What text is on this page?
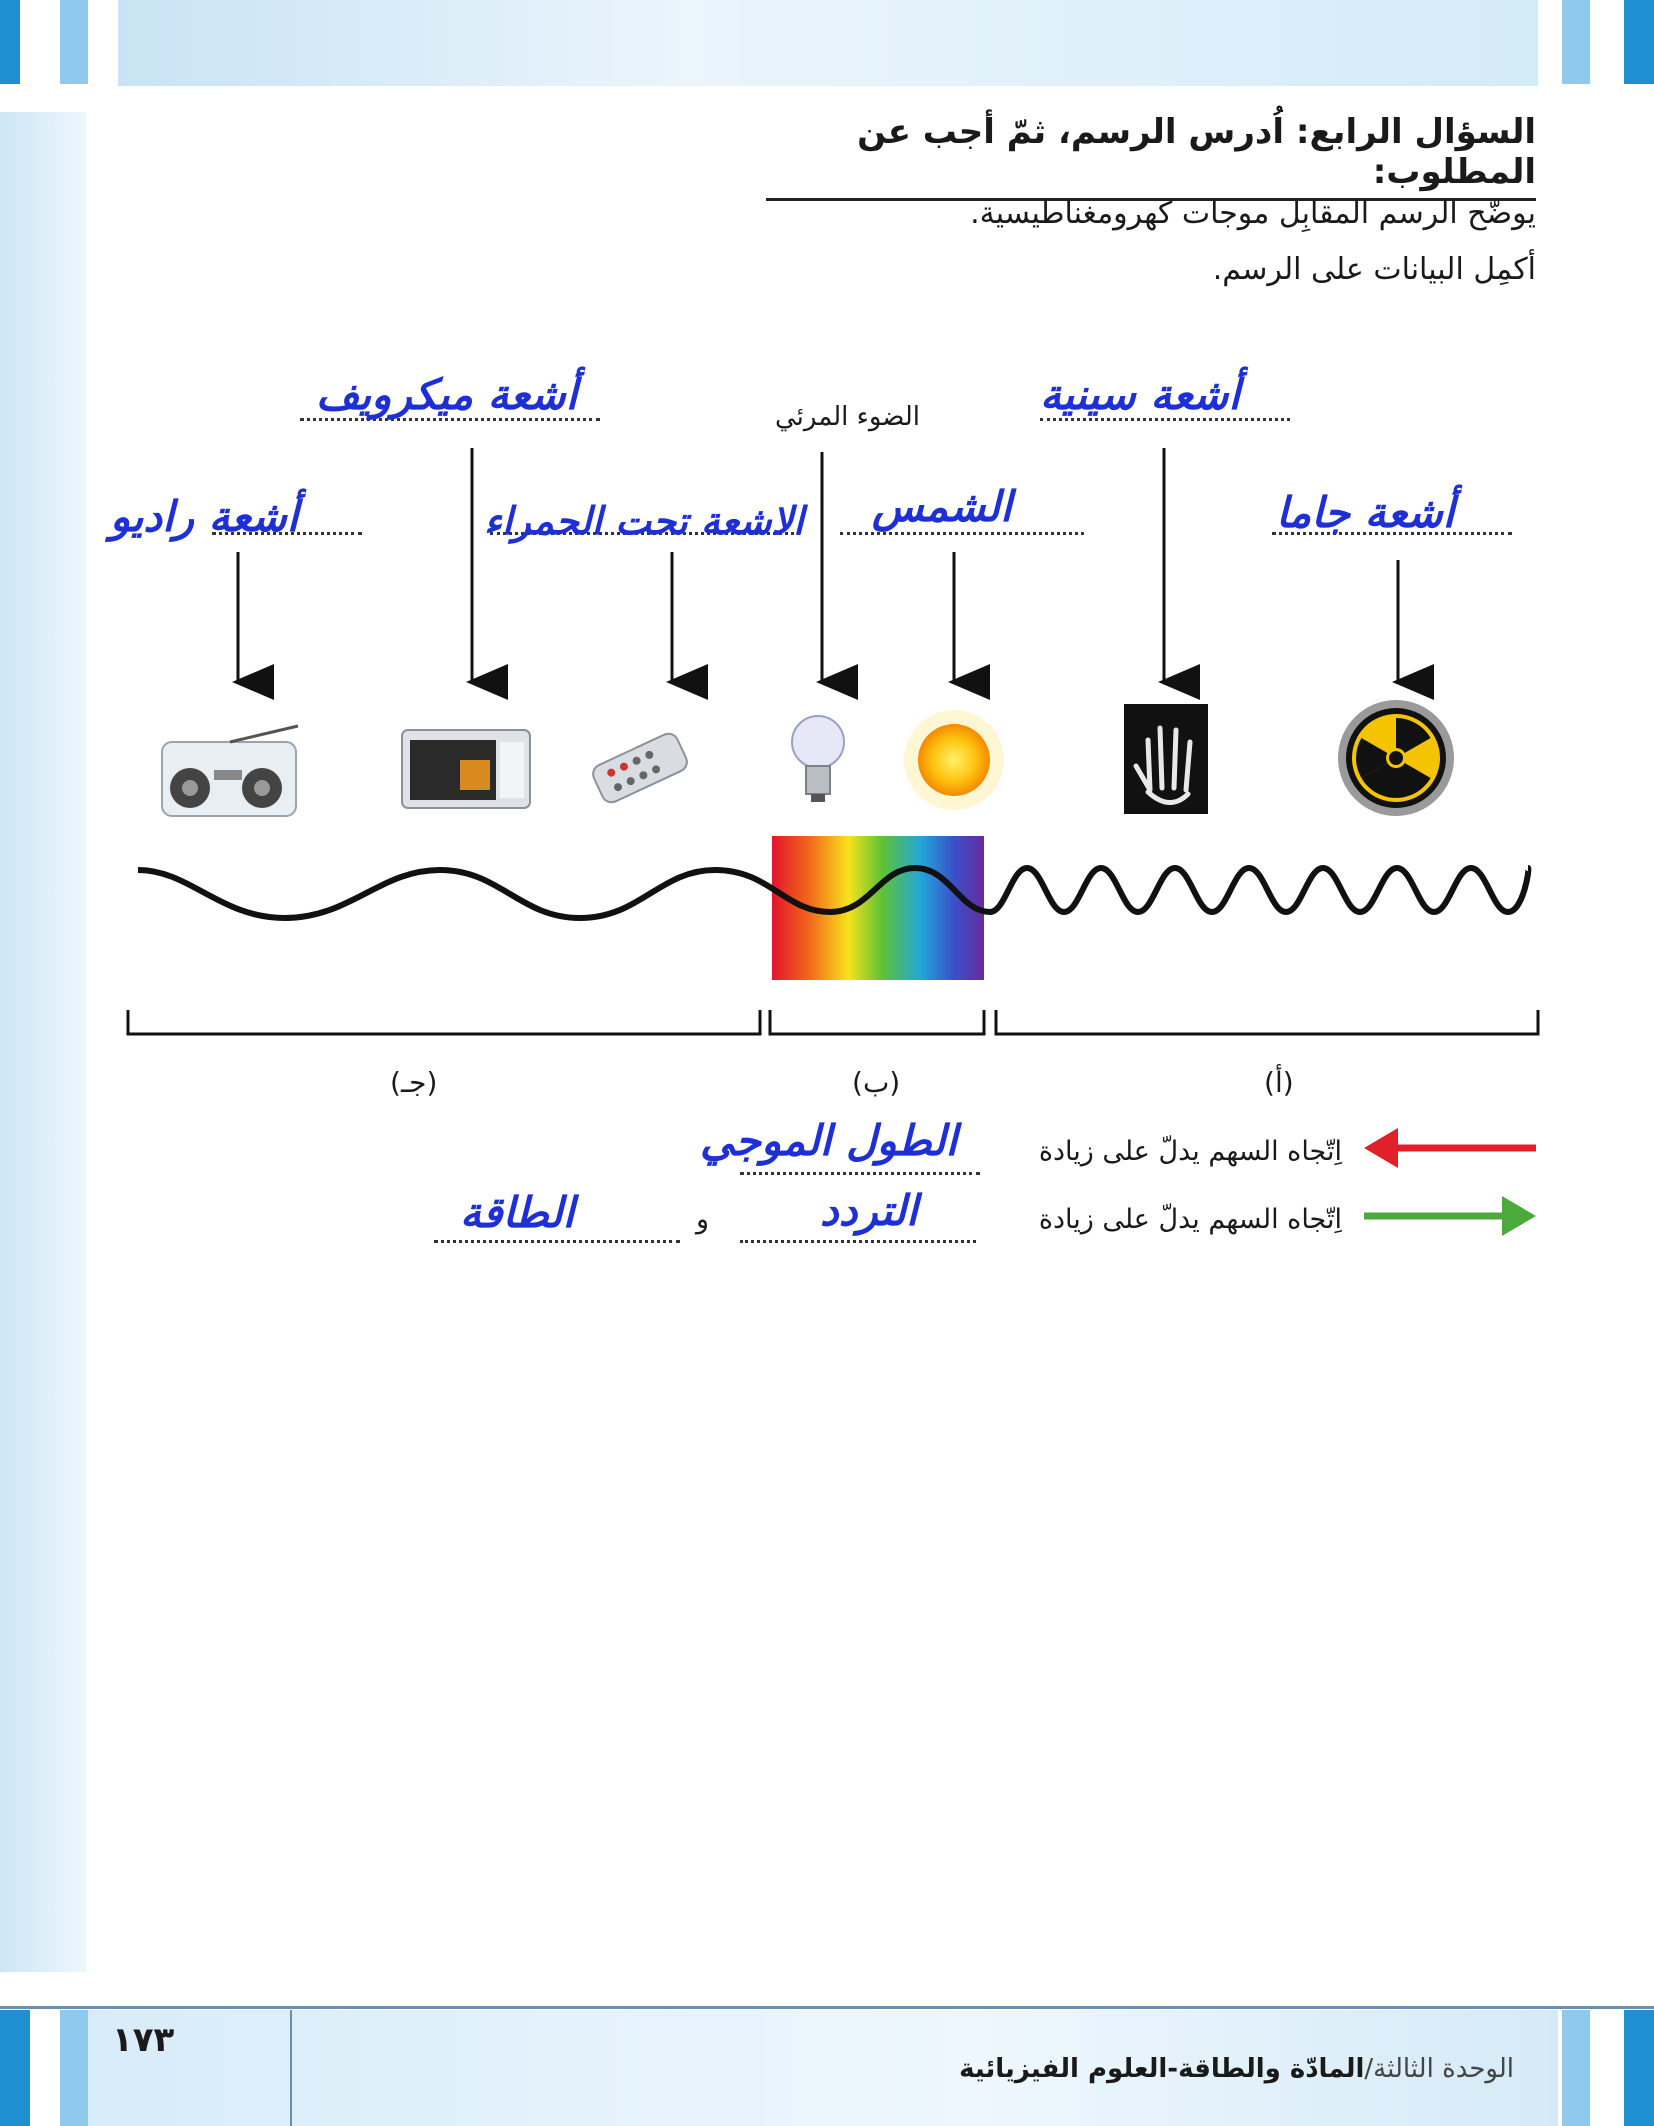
السؤال الرابع: اُدرس الرسم، ثمّ أجب عن المطلوب:
يوضّح الرسم المقابِل موجات كهرومغناطيسية.
أكمِل البيانات على الرسم.
الضوء المرئي
أشعة راديو
أشعة ميكرويف
الاشعة تحت الحمراء الشمس
أشعة سينية
أشعة جاما
(جـ)	(ب)	(أ)
اِتّجاه السهم يدلّ على زيادة
الطول الموجي
اِتّجاه السهم يدلّ على زيادة
التردد
و
الطاقة
١٧٣
الوحدة الثالثة/المادّة والطاقة-العلوم الفيزيائية
